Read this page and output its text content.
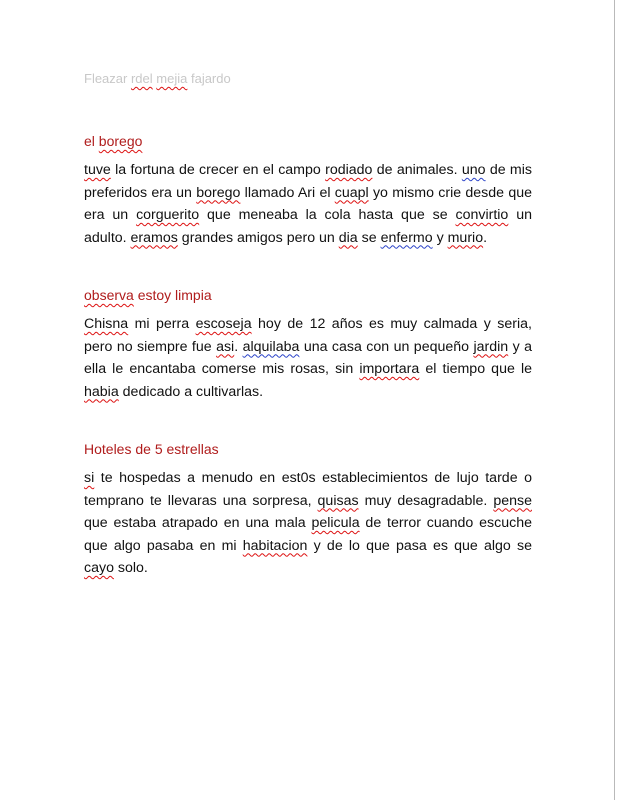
Fleazar rdel mejia fajardo
el borego

tuve la fortuna de crecer en el campo rodiado de animales. uno de mis preferidos era un borego llamado Ari el cuapl yo mismo crie desde que era un corguerito que meneaba la cola hasta que se convirtio un adulto. eramos grandes amigos pero un dia se enfermo y murio.

observa estoy limpia

Chisna mi perra escoseja hoy de 12 años es muy calmada y seria, pero no siempre fue asi. alquilaba una casa con un pequeño jardin y a ella le encantaba comerse mis rosas, sin importara el tiempo que le habia dedicado a cultivarlas.

Hoteles de 5 estrellas

si te hospedas a menudo en est0s establecimientos de lujo tarde o temprano te llevaras una sorpresa, quisas muy desagradable. pense que estaba atrapado en una mala pelicula de terror cuando escuche que algo pasaba en mi habitacion y de lo que pasa es que algo se cayo solo.
